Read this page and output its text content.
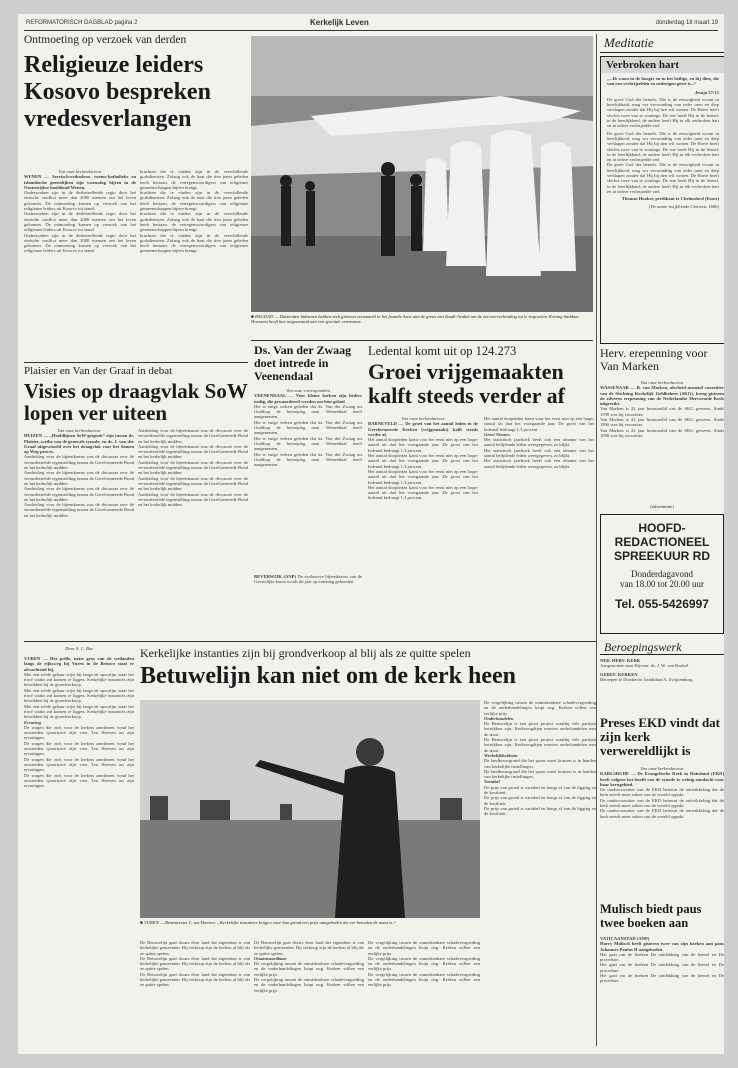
REFORMATORISCH DAGBLAD pagina 2	Kerkelijk Leven	donderdag 18 maart 19
Ontmoeting op verzoek van derden
Religieuze leiders Kosovo bespreken vredesverlangen
Van onze kerkredacteur
WENEN — Servisch-orthodoxe, rooms-katholieke en islamitische geestelijken zijn woensdag bijeen in de Oostenrijkse hoofdstad Wenen.
Onderzoeken zijn in de desbetreffende regio door het etnische conflict meer dan 2000 mensen om het leven gekomen. De ontmoeting komen op verzoek van het religieuze leiders uit Kosovo tot stand.
Onderzoeken zijn in de desbetreffende regio door het etnische conflict meer dan 2000 mensen om het leven gekomen. De ontmoeting komen op verzoek van het religieuze leiders uit Kosovo tot stand.
Onderzoeken zijn in de desbetreffende regio door het etnische conflict meer dan 2000 mensen om het leven gekomen. De ontmoeting komen op verzoek van het religieuze leiders uit Kosovo tot stand.
krachten die te vinden zijn in de verschillende godsdiensten. Zolang ook de haat die tien jaren geleden heeft bestaan, de vertegenwoordigers van religieuze gemeenschappen bijeen brengt.
krachten die te vinden zijn in de verschillende godsdiensten. Zolang ook de haat die tien jaren geleden heeft bestaan, de vertegenwoordigers van religieuze gemeenschappen bijeen brengt.
krachten die te vinden zijn in de verschillende godsdiensten. Zolang ook de haat die tien jaren geleden heeft bestaan, de vertegenwoordigers van religieuze gemeenschappen bijeen brengt.
krachten die te vinden zijn in de verschillende godsdiensten. Zolang ook de haat die tien jaren geleden heeft bestaan, de vertegenwoordigers van religieuze gemeenschappen bijeen brengt.
■ BAGDAD — Duizenden bidtsmen hebben zich gisteren verzameld in het fraaide Arar aan de grens met Saudi-Arabië om de vervoerverbinding tot te begroeten. Koning Saddam Hoessein heeft hen uitgezwaaid met een speciale ceremonie.
Plaisier en Van der Graaf in debat
Visies op draagvlak SoW lopen ver uiteen
Van onze kerkredacteur
HUIZEN — „Hoofdlijnen SoW-gesprek“ zijn tussen dr. Plaisier, scriba van de generale synode, en ds. J. van der Graaf uitgewisseld over het draagvlak voor het Samen op Weg-proces.
Aanleiding voor de bijeenkomst was de discussie over de veronderstelde tegenstelling tussen de Gereformeerde Bond en het kerkelijk midden.
Aanleiding voor de bijeenkomst was de discussie over de veronderstelde tegenstelling tussen de Gereformeerde Bond en het kerkelijk midden.
Aanleiding voor de bijeenkomst was de discussie over de veronderstelde tegenstelling tussen de Gereformeerde Bond en het kerkelijk midden.
Aanleiding voor de bijeenkomst was de discussie over de veronderstelde tegenstelling tussen de Gereformeerde Bond en het kerkelijk midden.
Aanleiding voor de bijeenkomst was de discussie over de veronderstelde tegenstelling tussen de Gereformeerde Bond en het kerkelijk midden.
Aanleiding voor de bijeenkomst was de discussie over de veronderstelde tegenstelling tussen de Gereformeerde Bond en het kerkelijk midden.
Aanleiding voor de bijeenkomst was de discussie over de veronderstelde tegenstelling tussen de Gereformeerde Bond en het kerkelijk midden.
Aanleiding voor de bijeenkomst was de discussie over de veronderstelde tegenstelling tussen de Gereformeerde Bond en het kerkelijk midden.
Aanleiding voor de bijeenkomst was de discussie over de veronderstelde tegenstelling tussen de Gereformeerde Bond en het kerkelijk midden.
Ds. Van der Zwaag doet intrede in Veenendaal
Van onze correspondent
VEENENDAAL — Voor kleine kerken zijn leiders nodig, die gewaardeerd worden om hun geloof.
Het is enige weken geleden dat ds. Van der Zwaag uit Ouddorp de beroeping naar Veenendaal heeft aangenomen.
Het is enige weken geleden dat ds. Van der Zwaag uit Ouddorp de beroeping naar Veenendaal heeft aangenomen.
Het is enige weken geleden dat ds. Van der Zwaag uit Ouddorp de beroeping naar Veenendaal heeft aangenomen.
Het is enige weken geleden dat ds. Van der Zwaag uit Ouddorp de beroeping naar Veenendaal heeft aangenomen.
BEVERWIJK (ANP) De exclusieve bijeenkomst van de Geestelijke kunst wordt dit jaar op zaterdag gehouden.
Ledental komt uit op 124.273
Groei vrijgemaakten kalft steeds verder af
Van onze kerkredacteur
BARNEVELD — De groei van het aantal leden in de Gereformeerde Kerken (vrijgemaakt) kalft steeds verder af.
Het aantal doopleden komt voor het eerst niet op een hoger aantal uit dan het voorgaande jaar. De groei van het ledental bedraagt 1,3 procent.
Het aantal doopleden komt voor het eerst niet op een hoger aantal uit dan het voorgaande jaar. De groei van het ledental bedraagt 1,3 procent.
Het aantal doopleden komt voor het eerst niet op een hoger aantal uit dan het voorgaande jaar. De groei van het ledental bedraagt 1,3 procent.
Het aantal doopleden komt voor het eerst niet op een hoger aantal uit dan het voorgaande jaar. De groei van het ledental bedraagt 1,3 procent.
Het aantal doopleden komt voor het eerst niet op een hoger aantal uit dan het voorgaande jaar. De groei van het ledental bedraagt 1,3 procent.
Groei Nieuws
Het statistisch jaarboek heeft ook een afname van het aantal belijdende leden weergegeven, zo blijkt.
Het statistisch jaarboek heeft ook een afname van het aantal belijdende leden weergegeven, zo blijkt.
Het statistisch jaarboek heeft ook een afname van het aantal belijdende leden weergegeven, zo blijkt.
Meditatie
Verbroken hart
„...Ik woon in de hoogte en in het heilige, en bij dien, die van een verbrijzelden en nederigen geest is...“
Jesaja 57:15
De grote God des hemels. Die is de eeuwigheid woont in heerlijkheid, mag ver verwonding van ieder uren en diep verslagen zonder dat Hij bij hen wil wonen. De Heere heeft slechts twee van te wonings. De ene heeft Hij in de hemel, in de heerlijkheid, de andere heeft Hij in elk verbroken hart en in iedere verbrijzelde ziel.
De grote God des hemels. Die is de eeuwigheid woont in heerlijkheid, mag ver verwonding van ieder uren en diep verslagen zonder dat Hij bij hen wil wonen. De Heere heeft slechts twee van te wonings. De ene heeft Hij in de hemel, in de heerlijkheid, de andere heeft Hij in elk verbroken hart en in iedere verbrijzelde ziel.
De grote God des hemels. Die is de eeuwigheid woont in heerlijkheid, mag ver verwonding van ieder uren en diep verslagen zonder dat Hij bij hen wil wonen. De Heere heeft slechts twee van te wonings. De ene heeft Hij in de hemel, in de heerlijkheid, de andere heeft Hij in elk verbroken hart en in iedere verbrijzelde ziel.
Thomas Hooker, predikant te Chelmsford (Essex)
(De armie twijfelende Christen, 1686)
Herv. erepenning voor Van Marken
Van onze kerkredacteur
WASSENAAR — R. van Marken, afscheid nemend voorzitter van de Stichting Kerkelijk Geldbeheer (SKG), kreeg gisteren de zilveren erepenning van de Nederlandse Hervormde Kerk uitgereikt.
Van Marken is 22 jaar bestuurslid van de SKG geweest. Sinds 1990 was hij voorzitter.
Van Marken is 22 jaar bestuurslid van de SKG geweest. Sinds 1990 was hij voorzitter.
Van Marken is 22 jaar bestuurslid van de SKG geweest. Sinds 1990 was hij voorzitter.
(advertentie)
HOOFD-
REDACTIONEEL
SPREEKUUR RD
Donderdagavond
van 18.00 tot 20.00 uur
Tel. 055-5426997
Beroepingswerk
NED. HERV. KERK
Aangenomen naar Rijssen: ds. J. W. van Roekel.
GEREF. KERKEN
Beroepen te Dordrecht: kandidaat A. Zwijnenburg.
Preses EKD vindt dat zijn kerk verwereldlijkt is
Van onze kerkredacteur
KARLSRUHE — De Evangelische Kerk in Duitsland (EKD) heeft volgens het hoofd van de synode te weinig aandacht voor haar kerngebied.
De raadsvoorzitter van de EKD betreurt de ontwikkeling dat de kerk steeds meer zaken van de wereld oppakt.
De raadsvoorzitter van de EKD betreurt de ontwikkeling dat de kerk steeds meer zaken van de wereld oppakt.
De raadsvoorzitter van de EKD betreurt de ontwikkeling dat de kerk steeds meer zaken van de wereld oppakt.
Mulisch biedt paus twee boeken aan
VATICAANSTAD (ANP)
Harry Mulisch heeft gisteren twee van zijn boeken aan paus Johannes Paulus II aangeboden.
Het gaat om de boeken De ontdekking van de hemel en De procedure.
Het gaat om de boeken De ontdekking van de hemel en De procedure.
Het gaat om de boeken De ontdekking van de hemel en De procedure.
Door S. C. Buz
VUREN — Het prille, natte gras van de weilanden langs de rijksweg bij Vuren in de Betuwe staat er afwachtend bij.
Met een wilde gebaar wijst hij langs de spoorlijn waar het tracé straks zal komen te liggen. Kerkelijke instanties zijn betrokken bij de grondverkoop.
Met een wilde gebaar wijst hij langs de spoorlijn waar het tracé straks zal komen te liggen. Kerkelijke instanties zijn betrokken bij de grondverkoop.
Met een wilde gebaar wijst hij langs de spoorlijn waar het tracé straks zal komen te liggen. Kerkelijke instanties zijn betrokken bij de grondverkoop.
Ervaring
De wagen die zich voor de kerken aandienen vond het omstreden spoortracé zijn voor Ten Hoeven nu zijn ervaringen.
De wagen die zich voor de kerken aandienen vond het omstreden spoortracé zijn voor Ten Hoeven nu zijn ervaringen.
De wagen die zich voor de kerken aandienen vond het omstreden spoortracé zijn voor Ten Hoeven nu zijn ervaringen.
De wagen die zich voor de kerken aandienen vond het omstreden spoortracé zijn voor Ten Hoeven nu zijn ervaringen.
Kerkelijke instanties zijn bij grondverkoop al blij als ze quitte spelen
Betuwelijn kan niet om de kerk heen
■ VUREN — Rentmeester L. ten Hoeven: „Kerkelijke instanties krijgen voor hun grond een prijs aangeboden die ver beneden de maat is.“
De Betuwelijn gaat dwars door land dat eigendom is van kerkelijke gemeenten. Bij verkoop zijn de kerken al blij als ze quitte spelen.
De Betuwelijn gaat dwars door land dat eigendom is van kerkelijke gemeenten. Bij verkoop zijn de kerken al blij als ze quitte spelen.
De Betuwelijn gaat dwars door land dat eigendom is van kerkelijke gemeenten. Bij verkoop zijn de kerken al blij als ze quitte spelen.
De Betuwelijn gaat dwars door land dat eigendom is van kerkelijke gemeenten. Bij verkoop zijn de kerken al blij als ze quitte spelen.
Onaanvaardbaar
De vergelijking tussen de onmiskenbare schadevergoeding en de onderhandelingen loopt nog. Kerken willen een eerlijke prijs.
De vergelijking tussen de onmiskenbare schadevergoeding en de onderhandelingen loopt nog. Kerken willen een eerlijke prijs.
De vergelijking tussen de onmiskenbare schadevergoeding en de onderhandelingen loopt nog. Kerken willen een eerlijke prijs.
De vergelijking tussen de onmiskenbare schadevergoeding en de onderhandelingen loopt nog. Kerken willen een eerlijke prijs.
De vergelijking tussen de onmiskenbare schadevergoeding en de onderhandelingen loopt nog. Kerken willen een eerlijke prijs.
De vergelijking tussen de onmiskenbare schadevergoeding en de onderhandelingen loopt nog. Kerken willen een eerlijke prijs.
Onderhandelen
De Betuwelijn is een groot project waarbij vele partijen betrokken zijn. Kerkvoogdijen moeten onderhandelen met de staat.
De Betuwelijn is een groot project waarbij vele partijen betrokken zijn. Kerkvoogdijen moeten onderhandelen met de staat.
Werkelijkheidszin
De landbouwgrond die het spoor moet kruisen is in handen van kerkelijke instellingen.
De landbouwgrond die het spoor moet kruisen is in handen van kerkelijke instellingen.
Variabel
De prijs van grond is variabel en hangt af van de ligging en de kwaliteit.
De prijs van grond is variabel en hangt af van de ligging en de kwaliteit.
De prijs van grond is variabel en hangt af van de ligging en de kwaliteit.
